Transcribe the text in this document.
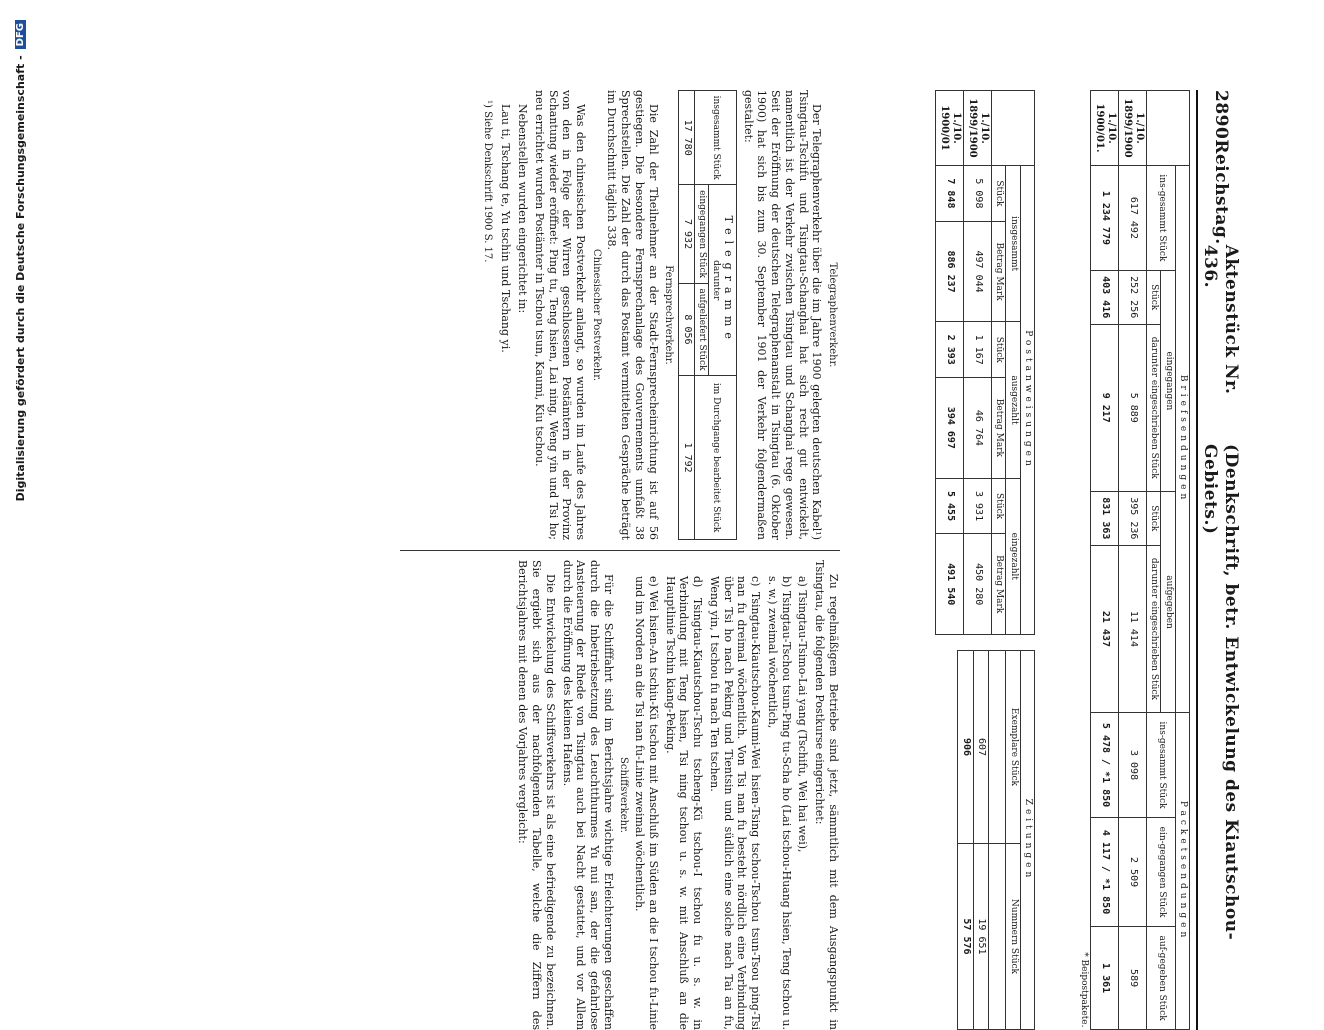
2890
Reichstag.
Aktenstück Nr. 436.
(Denkschrift, betr. Entwickelung des Kiautschou-Gebiets.)
	Briefsendungen					Packetsendungen		
	ins-gesammt Stück	eingegangen		aufgegeben		ins-gesammt Stück	ein-gegangen Stück	auf-gegeben Stück
		Stück	darunter eingeschrieben Stück	Stück	darunter eingeschrieben Stück			
1./10. 1899/1900	617 492	252 256	5 889	395 236	11 414	3 098	2 509	589
1./10. 1900/01.	1 234 779	403 416	9 217	831 363	21 437	5 478 / *1 850	4 117 / *1 850	1 361
* Beipostpakete.								
	Postanweisungen					
	insgesammt		ausgezahlt		eingezahlt	
	Stück	Betrag Mark	Stück	Betrag Mark	Stück	Betrag Mark
1./10. 1899/1900	5 098	497 044	1 167	46 764	3 931	450 280
1./10. 1900/01	7 848	886 237	2 393	394 697	5 455	491 540
Zeitungen	
Exemplare Stück	Nummern Stück

607	19 651
906	57 576
Telegraphenverkehr.

Der Telegraphenverkehr über die im Jahre 1900 gelegten deutschen Kabel¹) Tsingtau-Tschifu und Tsingtau-Schanghai hat sich recht gut entwickelt, namentlich ist der Verkehr zwischen Tsingtau und Schanghai rege gewesen. Seit der Eröffnung der deutschen Telegraphenanstalt in Tsingtau (6. Oktober 1900) hat sich bis zum 30. September 1901 der Verkehr folgendermaßen gestaltet:

insgesammt Stück	Telegramme
darunter		im Durchgange bearbeitet Stück
	eingegangen Stück	aufgeliefert Stück	
17 780	7 932	8 056	1 792
Fernsprechverkehr.

Die Zahl der Theilnehmer an der Stadt-Fernsprecheinrichtung ist auf 56 gestiegen. Die besondere Fernsprechanlage des Gouvernements umfaßt 38 Sprechstellen. Die Zahl der durch das Postamt vermittelten Gespräche beträgt im Durchschnitt täglich 338.

Chinesischer Postverkehr.

Was den chinesischen Postverkehr anlangt, so wurden im Laufe des Jahres von den in Folge der Wirren geschlossenen Postämtern in der Provinz Schantung wieder eröffnet: Ping tu, Teng hsien, Lai ning, Weng yin und Tsi ho; neu errichtet wurden Postämter in Tschou tsun, Kaumi, Kiu tschou.

Nebenstellen wurden eingerichtet in:

Lau ti, Tschang te, Yu tschin und Tschang yi.

¹) Siehe Denkschrift 1900 S. 17.

Zu regelmäßigem Betriebe sind jetzt, sämmtlich mit dem Ausgangspunkt in Tsingtau, die folgenden Postkurse eingerichtet:

a) Tsingtau-Tsimo-Lai yang (Tschifu, Wei hai wei),

b) Tsingtau-Tschou tsun-Ping tu-Scha ho (Lai tschou-Huang hsien, Teng tschou u. s. w.) zweimal wöchentlich,

c) Tsingtau-Kiautschou-Kaumi-Wei hsien-Tsing tschou-Tschou tsun-Tsou ping-Tsi nan fu dreimal wöchentlich. Von Tsi nan fu besteht nördlich eine Verbindung über Tsi ho nach Peking und Tientsin und südlich eine solche nach Tai an fu, Weng yin, I tschou fu nach Ten tschen.

d) Tsingtau-Kiautschou-Tschu tscheng-Kü tschou-I tschou fu u. s. w. in Verbindung mit Teng hsien, Tsi ning tschou u. s. w. mit Anschluß an die Hauptlinie Tschin kiang-Peking.

e) Wei hsien-An tschiu-Kü tschou mit Anschluß im Süden an die I tschou fu-Linie und im Norden an die Tsi nan fu-Linie zweimal wöchentlich.

Schiffsverkehr.

Für die Schifffahrt sind im Berichtsjahre wichtige Erleichterungen geschaffen durch die Inbetriebsetzung des Leuchtthurmes Yu nui san, der die gefahrlose Ansteuerung der Rhede von Tsingtau auch bei Nacht gestattet, und vor Allem durch die Eröffnung des kleinen Hafens.

Die Entwickelung des Schiffsverkehrs ist als eine befriedigende zu bezeichnen. Sie ergiebt sich aus der nachfolgenden Tabelle, welche die Ziffern des Berichtsjahres mit denen des Vorjahres vergleicht:

Digitalisierung gefördert durch die Deutsche Forschungsgemeinschaft -
DFG
